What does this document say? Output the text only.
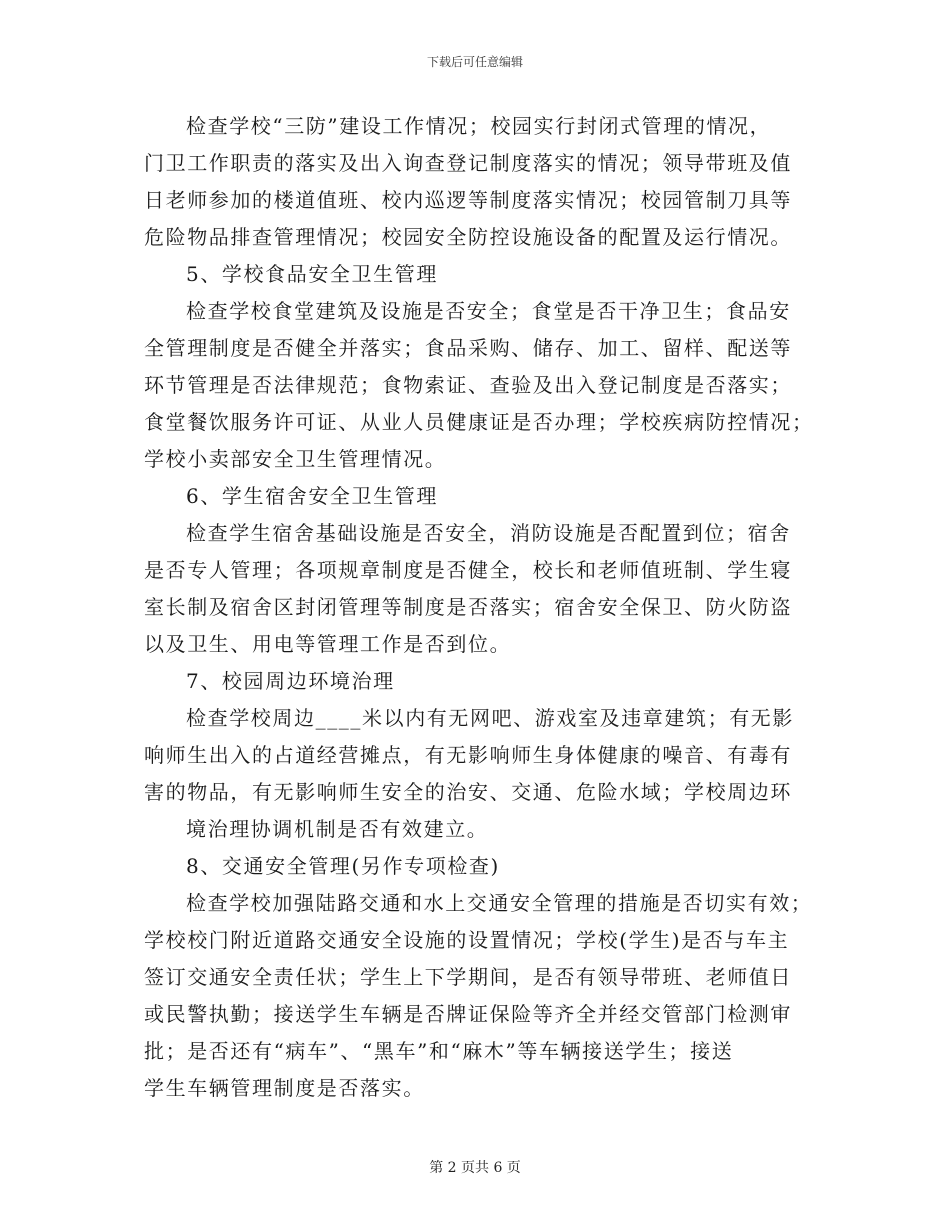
下载后可任意编辑
检查学校“三防”建设工作情况；校园实行封闭式管理的情况，
门卫工作职责的落实及出入询查登记制度落实的情况；领导带班及值
日老师参加的楼道值班、校内巡逻等制度落实情况；校园管制刀具等
危险物品排查管理情况；校园安全防控设施设备的配置及运行情况。
5、学校食品安全卫生管理
检查学校食堂建筑及设施是否安全；食堂是否干净卫生；食品安
全管理制度是否健全并落实；食品采购、储存、加工、留样、配送等
环节管理是否法律规范；食物索证、查验及出入登记制度是否落实；
食堂餐饮服务许可证、从业人员健康证是否办理；学校疾病防控情况；
学校小卖部安全卫生管理情况。
6、学生宿舍安全卫生管理
检查学生宿舍基础设施是否安全，消防设施是否配置到位；宿舍
是否专人管理；各项规章制度是否健全，校长和老师值班制、学生寝
室长制及宿舍区封闭管理等制度是否落实；宿舍安全保卫、防火防盗
以及卫生、用电等管理工作是否到位。
7、校园周边环境治理
检查学校周边____米以内有无网吧、游戏室及违章建筑；有无影
响师生出入的占道经营摊点，有无影响师生身体健康的噪音、有毒有
害的物品，有无影响师生安全的治安、交通、危险水域；学校周边环
境治理协调机制是否有效建立。
8、交通安全管理(另作专项检查)
检查学校加强陆路交通和水上交通安全管理的措施是否切实有效；
学校校门附近道路交通安全设施的设置情况；学校(学生)是否与车主
签订交通安全责任状；学生上下学期间，是否有领导带班、老师值日
或民警执勤；接送学生车辆是否牌证保险等齐全并经交管部门检测审
批；是否还有“病车”、“黑车”和“麻木”等车辆接送学生；接送
学生车辆管理制度是否落实。
第 2 页共 6 页
